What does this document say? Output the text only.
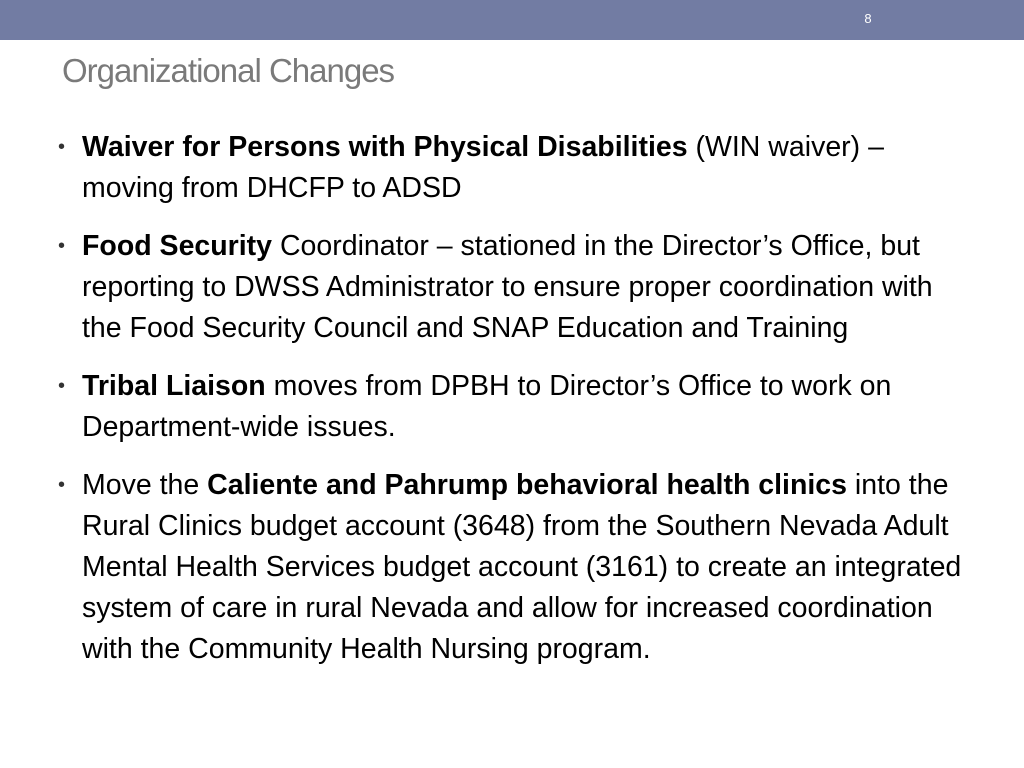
8
Organizational Changes
• Waiver for Persons with Physical Disabilities (WIN waiver) – moving from DHCFP to ADSD
• Food Security Coordinator – stationed in the Director’s Office, but reporting to DWSS Administrator to ensure proper coordination with the Food Security Council and SNAP Education and Training
• Tribal Liaison moves from DPBH to Director’s Office to work on Department-wide issues.
• Move the Caliente and Pahrump behavioral health clinics into the Rural Clinics budget account (3648) from the Southern Nevada Adult Mental Health Services budget account (3161) to create an integrated system of care in rural Nevada and allow for increased coordination with the Community Health Nursing program.
